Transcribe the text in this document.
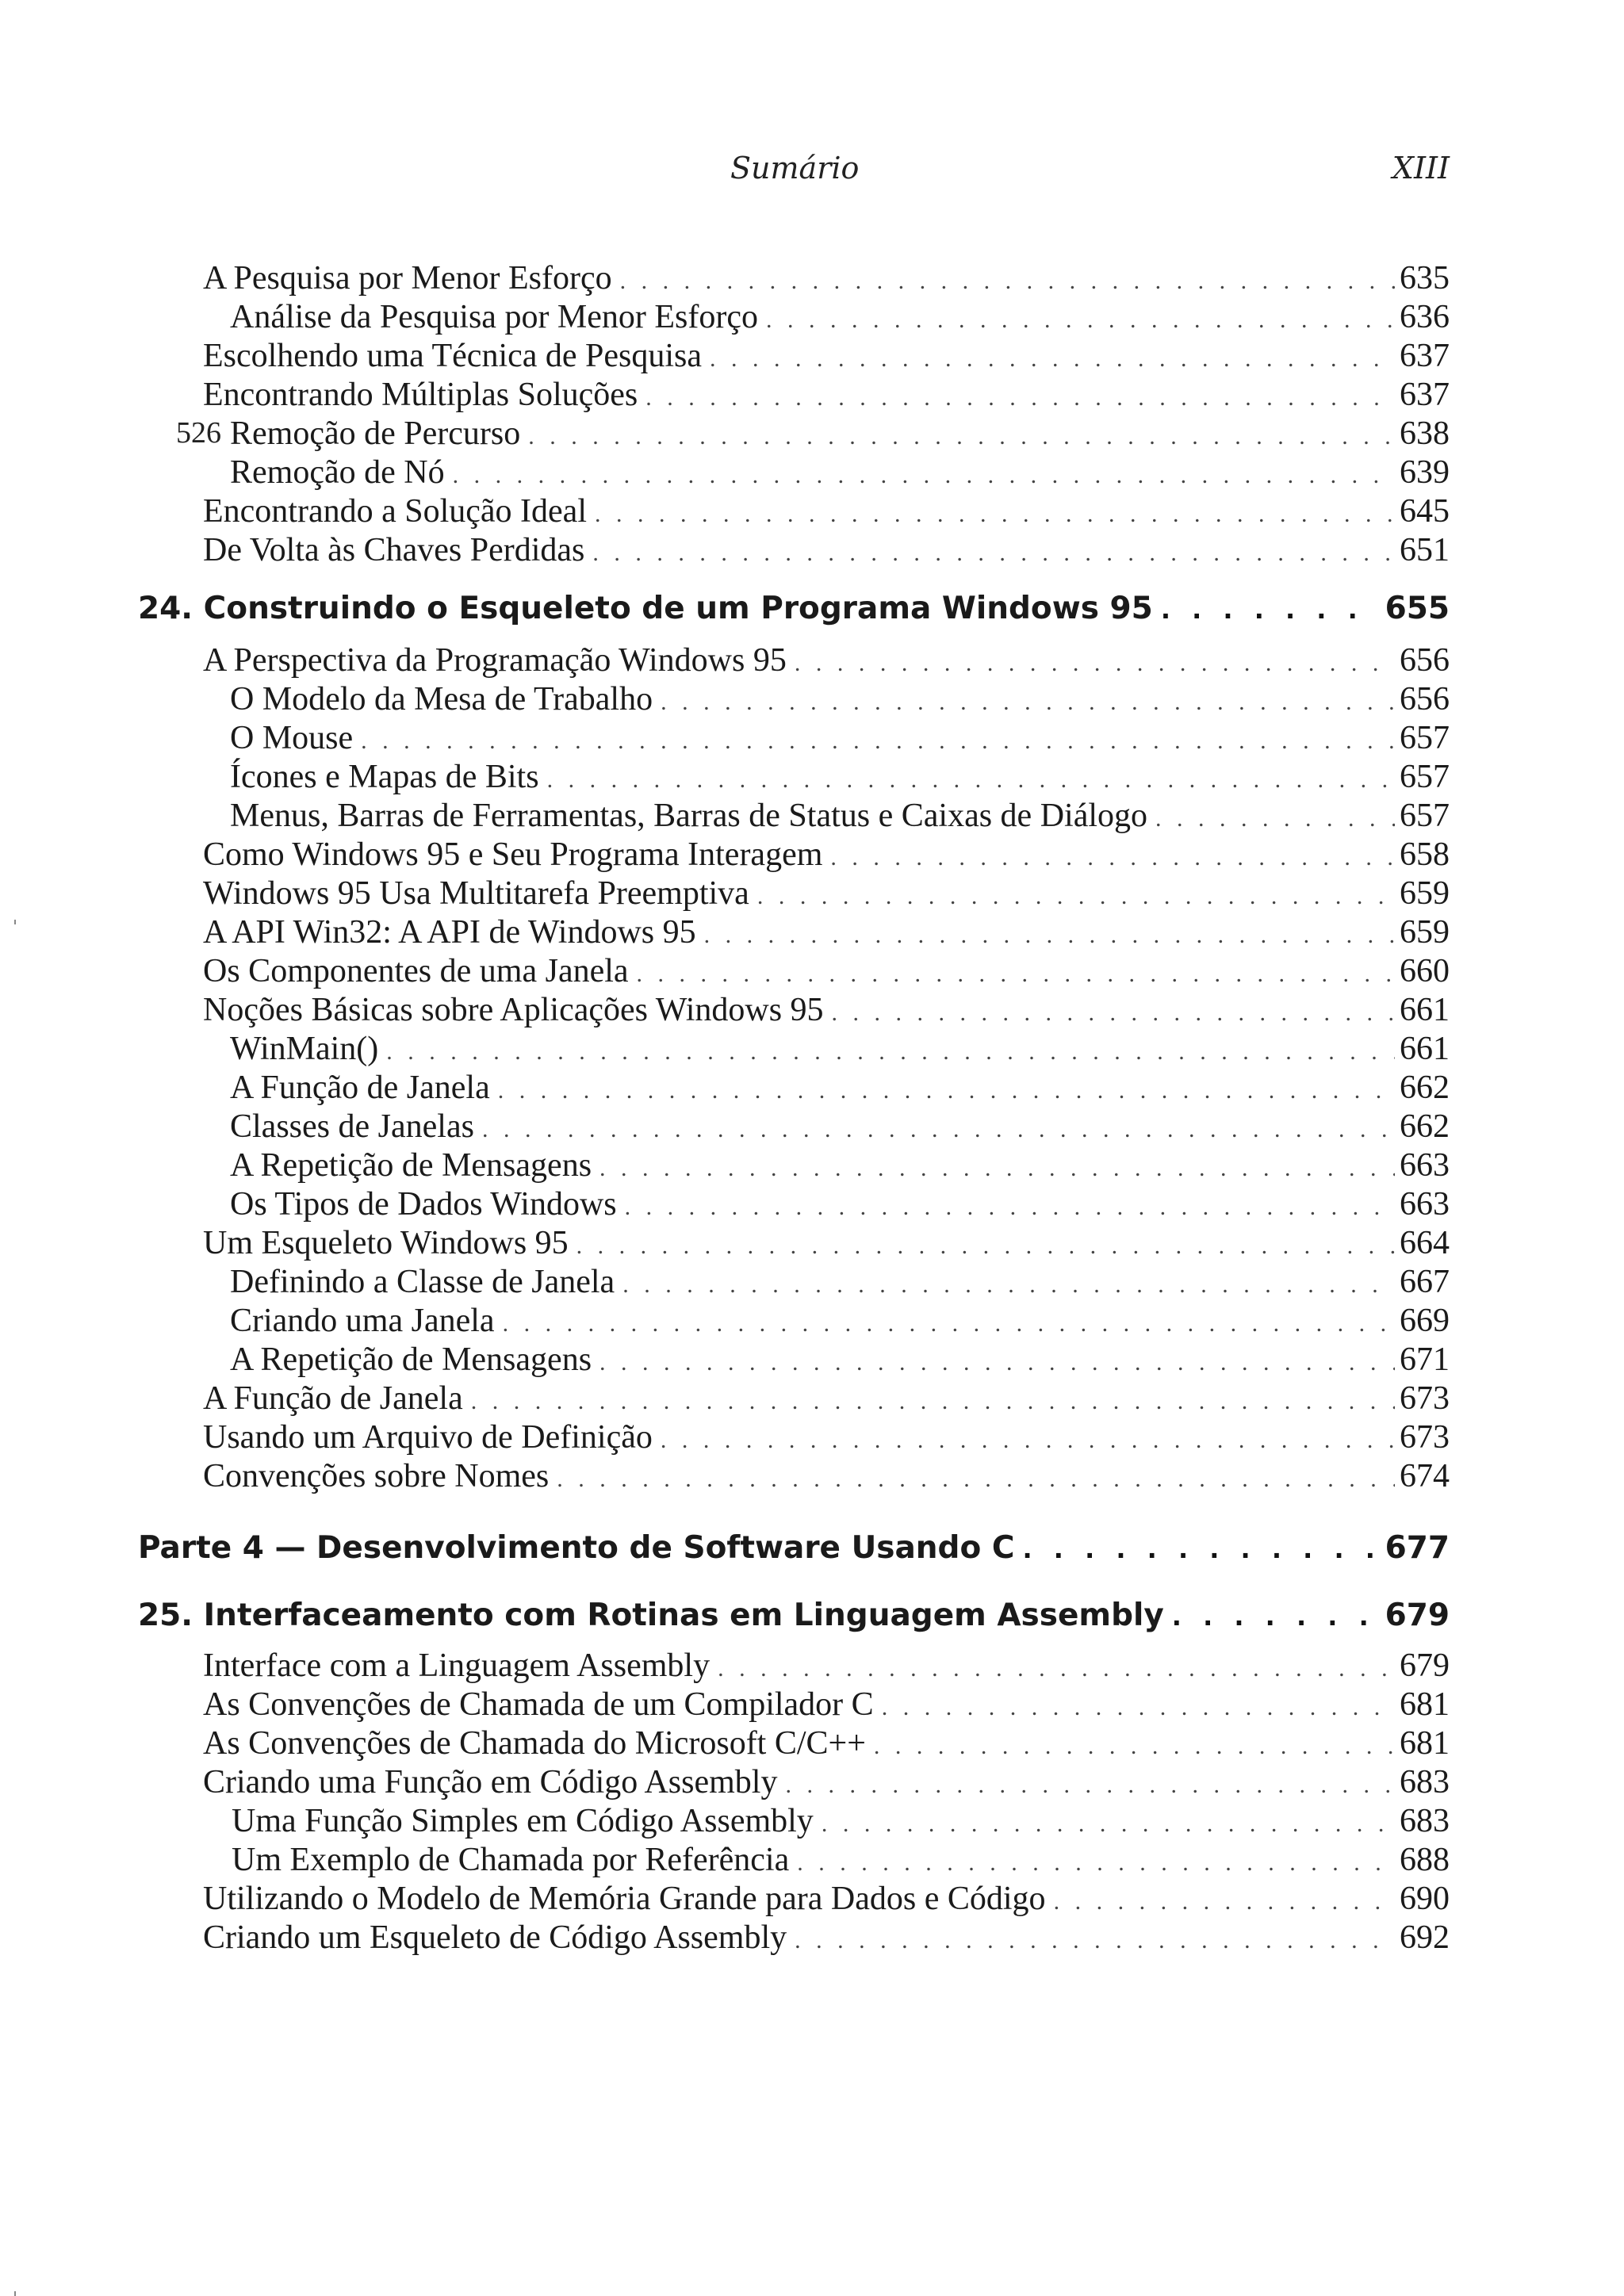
Sumário	XIII
526
A Pesquisa por Menor Esforço . . .	635
Análise da Pesquisa por Menor Esforço . . .	636
Escolhendo uma Técnica de Pesquisa . . .	637
Encontrando Múltiplas Soluções . . .	637
Remoção de Percurso . . .	638
Remoção de Nó . . .	639
Encontrando a Solução Ideal . . .	645
De Volta às Chaves Perdidas . . .	651
24. Construindo o Esqueleto de um Programa Windows 95 . . .	655
A Perspectiva da Programação Windows 95 . . .	656
O Modelo da Mesa de Trabalho . . .	656
O Mouse . . .	657
Ícones e Mapas de Bits . . .	657
Menus, Barras de Ferramentas, Barras de Status e Caixas de Diálogo . . .	657
Como Windows 95 e Seu Programa Interagem . . .	658
Windows 95 Usa Multitarefa Preemptiva . . .	659
A API Win32: A API de Windows 95 . . .	659
Os Componentes de uma Janela . . .	660
Noções Básicas sobre Aplicações Windows 95 . . .	661
WinMain() . . .	661
A Função de Janela . . .	662
Classes de Janelas . . .	662
A Repetição de Mensagens . . .	663
Os Tipos de Dados Windows . . .	663
Um Esqueleto Windows 95 . . .	664
Definindo a Classe de Janela . . .	667
Criando uma Janela . . .	669
A Repetição de Mensagens . . .	671
A Função de Janela . . .	673
Usando um Arquivo de Definição . . .	673
Convenções sobre Nomes . . .	674
Parte 4 — Desenvolvimento de Software Usando C . . .	677
25. Interfaceamento com Rotinas em Linguagem Assembly . . .	679
Interface com a Linguagem Assembly . . .	679
As Convenções de Chamada de um Compilador C . . .	681
As Convenções de Chamada do Microsoft C/C++ . . .	681
Criando uma Função em Código Assembly . . .	683
Uma Função Simples em Código Assembly . . .	683
Um Exemplo de Chamada por Referência . . .	688
Utilizando o Modelo de Memória Grande para Dados e Código . . .	690
Criando um Esqueleto de Código Assembly . . .	692
